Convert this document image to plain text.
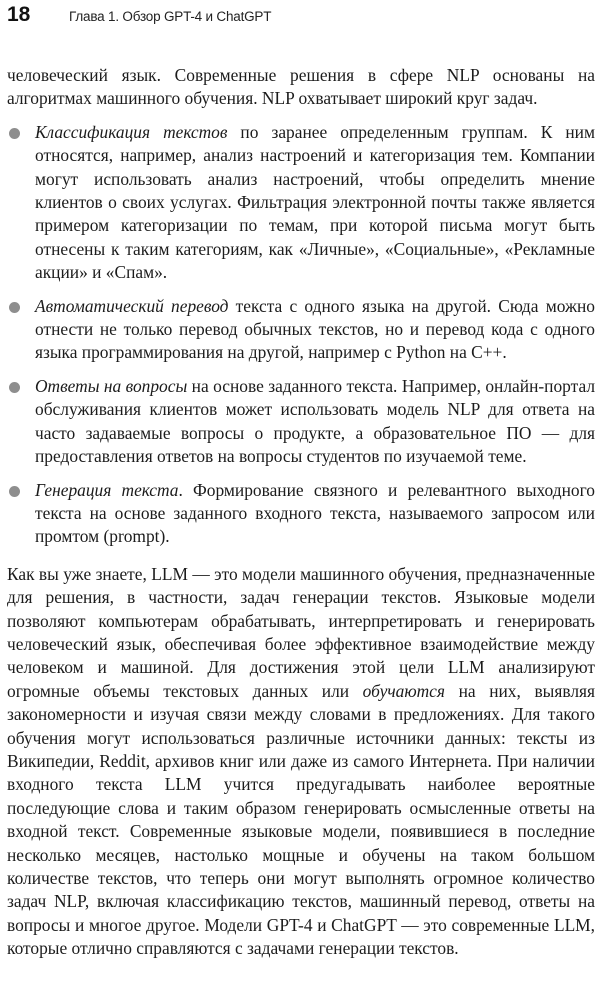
18	Глава 1. Обзор GPT-4 и ChatGPT

человеческий язык. Современные решения в сфере NLP основаны на алгоритмах машинного обучения. NLP охватывает широкий круг задач.

Классификация текстов по заранее определенным группам. К ним относятся, например, анализ настроений и категоризация тем. Компании могут использовать анализ настроений, чтобы определить мнение клиентов о своих услугах. Фильтрация электронной почты также является примером категоризации по темам, при которой письма могут быть отнесены к таким категориям, как «Личные», «Социальные», «Рекламные акции» и «Спам».

Автоматический перевод текста с одного языка на другой. Сюда можно отнести не только перевод обычных текстов, но и перевод кода с одного языка программирования на другой, например с Python на C++.

Ответы на вопросы на основе заданного текста. Например, онлайн-портал обслуживания клиентов может использовать модель NLP для ответа на часто задаваемые вопросы о продукте, а образовательное ПО — для предоставления ответов на вопросы студентов по изучаемой теме.

Генерация текста. Формирование связного и релевантного выходного текста на основе заданного входного текста, называемого запросом или промтом (prompt).

Как вы уже знаете, LLM — это модели машинного обучения, предназначенные для решения, в частности, задач генерации текстов. Языковые модели позволяют компьютерам обрабатывать, интерпретировать и генерировать человеческий язык, обеспечивая более эффективное взаимодействие между человеком и машиной. Для достижения этой цели LLM анализируют огромные объемы текстовых данных или обучаются на них, выявляя закономерности и изучая связи между словами в предложениях. Для такого обучения могут использоваться различные источники данных: тексты из Википедии, Reddit, архивов книг или даже из самого Интернета. При наличии входного текста LLM учится предугадывать наиболее вероятные последующие слова и таким образом генерировать осмысленные ответы на входной текст. Современные языковые модели, появившиеся в последние несколько месяцев, настолько мощные и обучены на таком большом количестве текстов, что теперь они могут выполнять огромное количество задач NLP, включая классификацию текстов, машинный перевод, ответы на вопросы и многое другое. Модели GPT-4 и ChatGPT — это современные LLM, которые отлично справляются с задачами генерации текстов.
